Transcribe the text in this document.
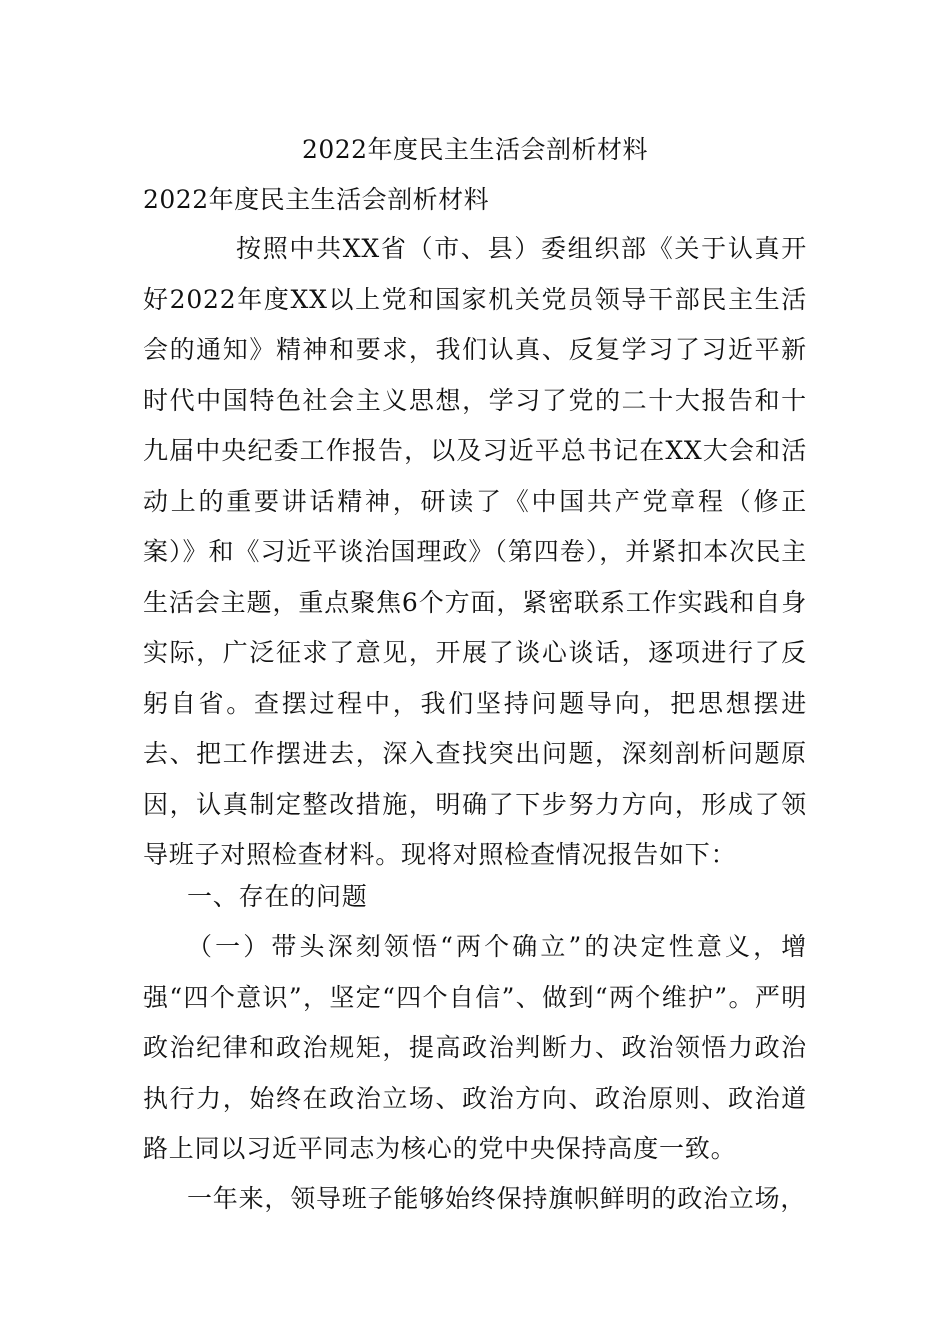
2022年度民主生活会剖析材料
2022年度民主生活会剖析材料

按照中共XX省（市、县）委组织部《关于认真开好2022年度XX以上党和国家机关党员领导干部民主生活会的通知》精神和要求，我们认真、反复学习了习近平新时代中国特色社会主义思想，学习了党的二十大报告和十九届中央纪委工作报告，以及习近平总书记在XX大会和活动上的重要讲话精神，研读了《中国共产党章程（修正案）》和《习近平谈治国理政》（第四卷），并紧扣本次民主生活会主题，重点聚焦6个方面，紧密联系工作实践和自身实际，广泛征求了意见，开展了谈心谈话，逐项进行了反躬自省。查摆过程中，我们坚持问题导向，把思想摆进去、把工作摆进去，深入查找突出问题，深刻剖析问题原因，认真制定整改措施，明确了下步努力方向，形成了领导班子对照检查材料。现将对照检查情况报告如下：

一、存在的问题

（一）带头深刻领悟“两个确立”的决定性意义，增强“四个意识”，坚定“四个自信”、做到“两个维护”。严明政治纪律和政治规矩，提高政治判断力、政治领悟力政治执行力，始终在政治立场、政治方向、政治原则、政治道路上同以习近平同志为核心的党中央保持高度一致。

一年来，领导班子能够始终保持旗帜鲜明的政治立场，
